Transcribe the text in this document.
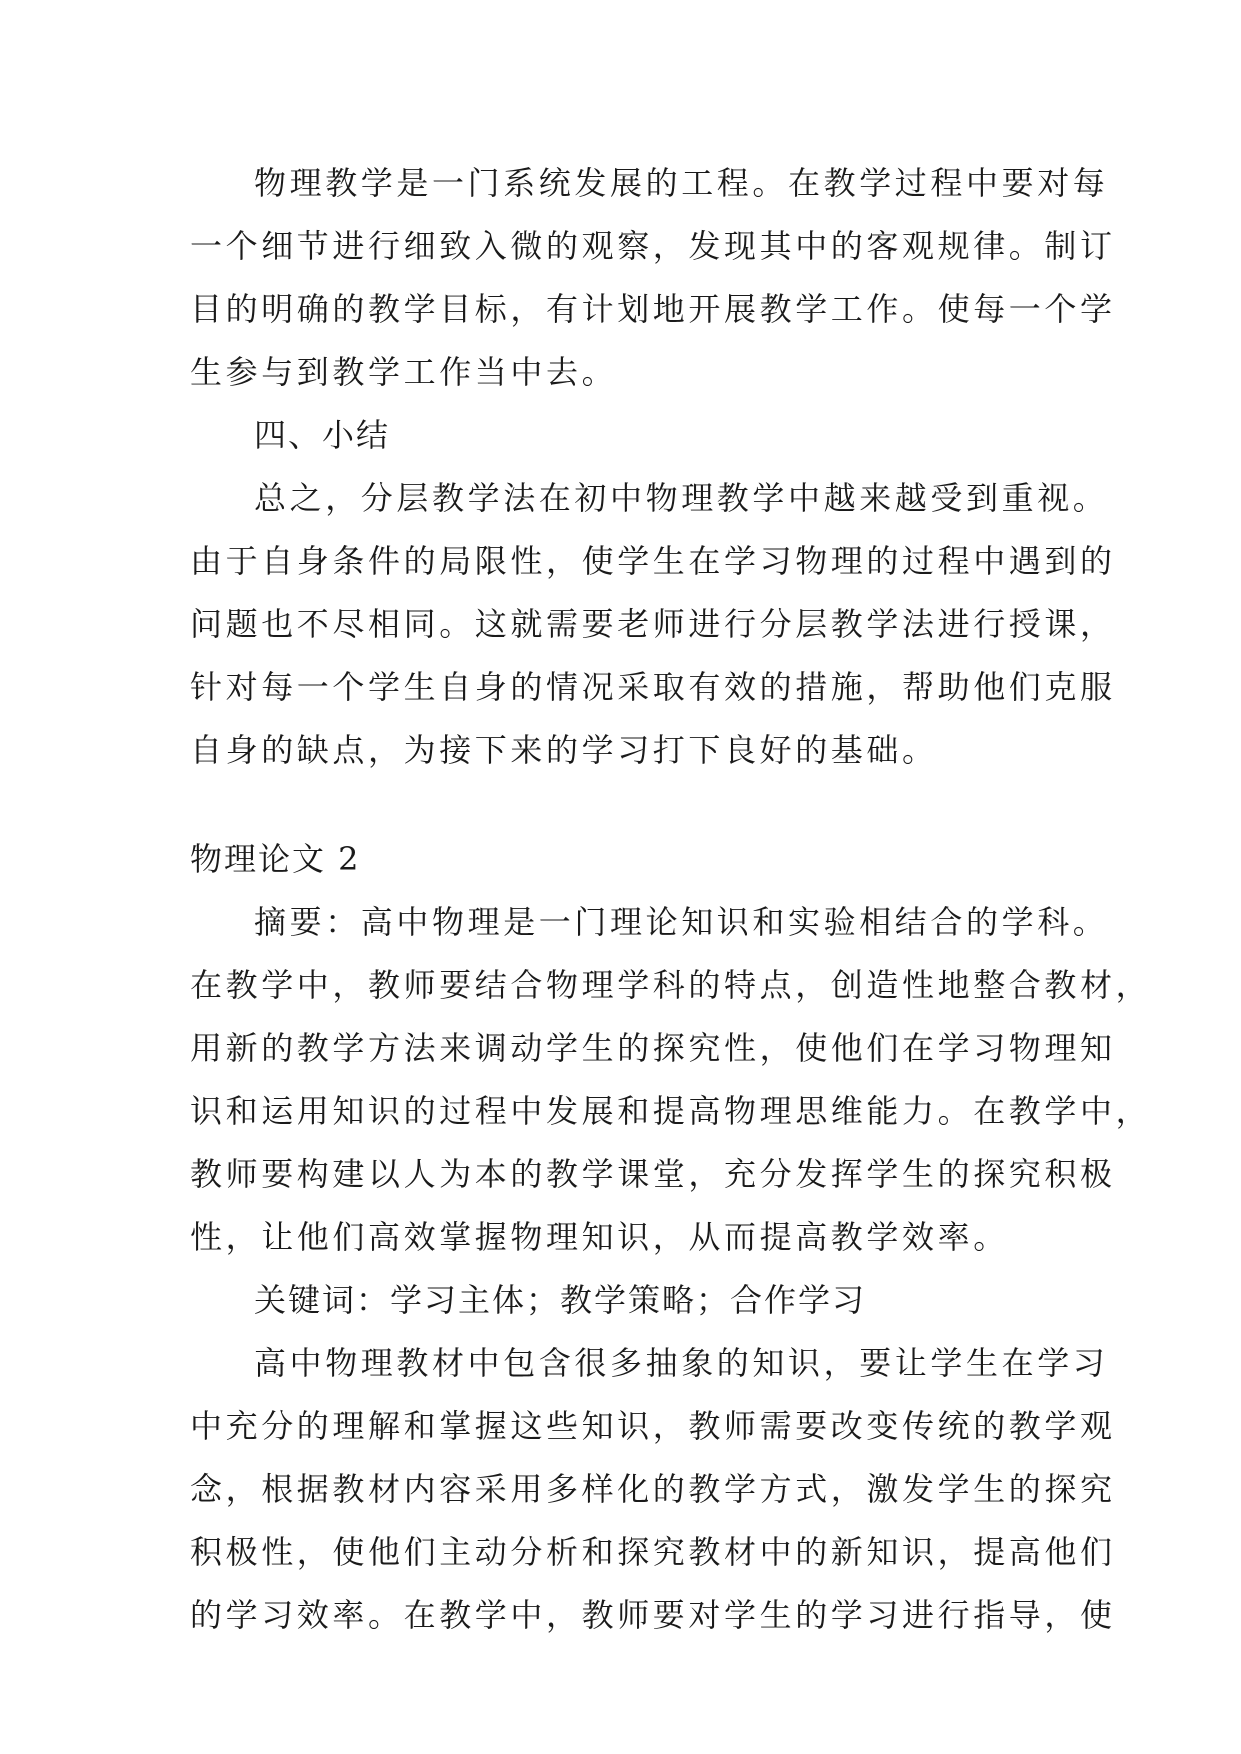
物理教学是一门系统发展的工程。在教学过程中要对每
一个细节进行细致入微的观察，发现其中的客观规律。制订
目的明确的教学目标，有计划地开展教学工作。使每一个学
生参与到教学工作当中去。
四、小结
总之，分层教学法在初中物理教学中越来越受到重视。
由于自身条件的局限性，使学生在学习物理的过程中遇到的
问题也不尽相同。这就需要老师进行分层教学法进行授课，
针对每一个学生自身的情况采取有效的措施，帮助他们克服
自身的缺点，为接下来的学习打下良好的基础。
物理论文 2
摘要：高中物理是一门理论知识和实验相结合的学科。
在教学中，教师要结合物理学科的特点，创造性地整合教材，
用新的教学方法来调动学生的探究性，使他们在学习物理知
识和运用知识的过程中发展和提高物理思维能力。在教学中，
教师要构建以人为本的教学课堂，充分发挥学生的探究积极
性，让他们高效掌握物理知识，从而提高教学效率。
关键词：学习主体；教学策略；合作学习
高中物理教材中包含很多抽象的知识，要让学生在学习
中充分的理解和掌握这些知识，教师需要改变传统的教学观
念，根据教材内容采用多样化的教学方式，激发学生的探究
积极性，使他们主动分析和探究教材中的新知识，提高他们
的学习效率。在教学中，教师要对学生的学习进行指导，使
